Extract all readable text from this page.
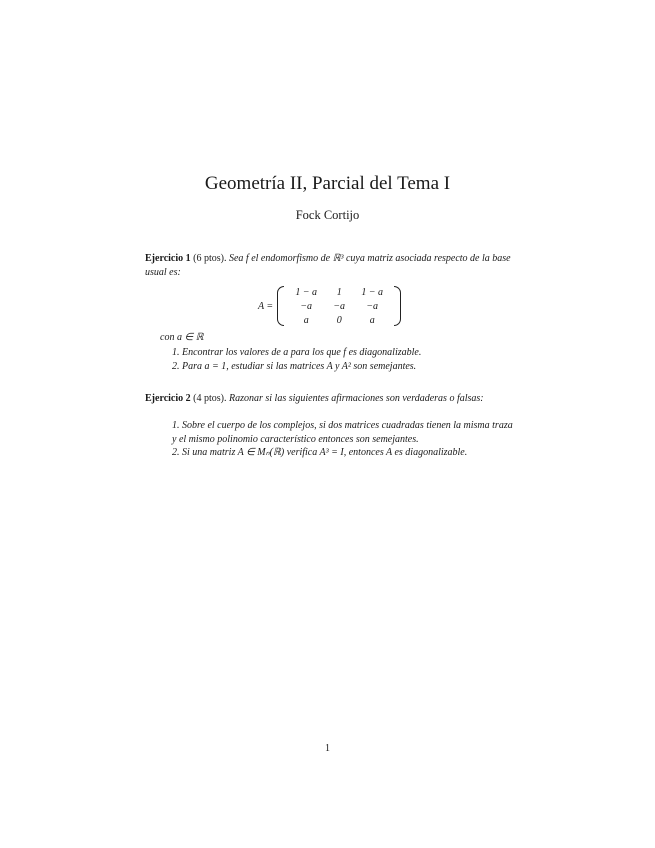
Geometría II, Parcial del Tema I
Fock Cortijo
Ejercicio 1 (6 ptos). Sea f el endomorfismo de ℝ³ cuya matriz asociada respecto de la base usual es:
A =
1 − a	1	1 − a
−a	−a	−a
a	0	a
con a ∈ ℝ
1. Encontrar los valores de a para los que f es diagonalizable.
2. Para a = 1, estudiar si las matrices A y A² son semejantes.
Ejercicio 2 (4 ptos). Razonar si las siguientes afirmaciones son verdaderas o falsas:
1. Sobre el cuerpo de los complejos, si dos matrices cuadradas tienen la misma traza y el mismo polinomio característico entonces son semejantes.
2. Si una matriz A ∈ Mₙ(ℝ) verifica A³ = I, entonces A es diagonalizable.
1
